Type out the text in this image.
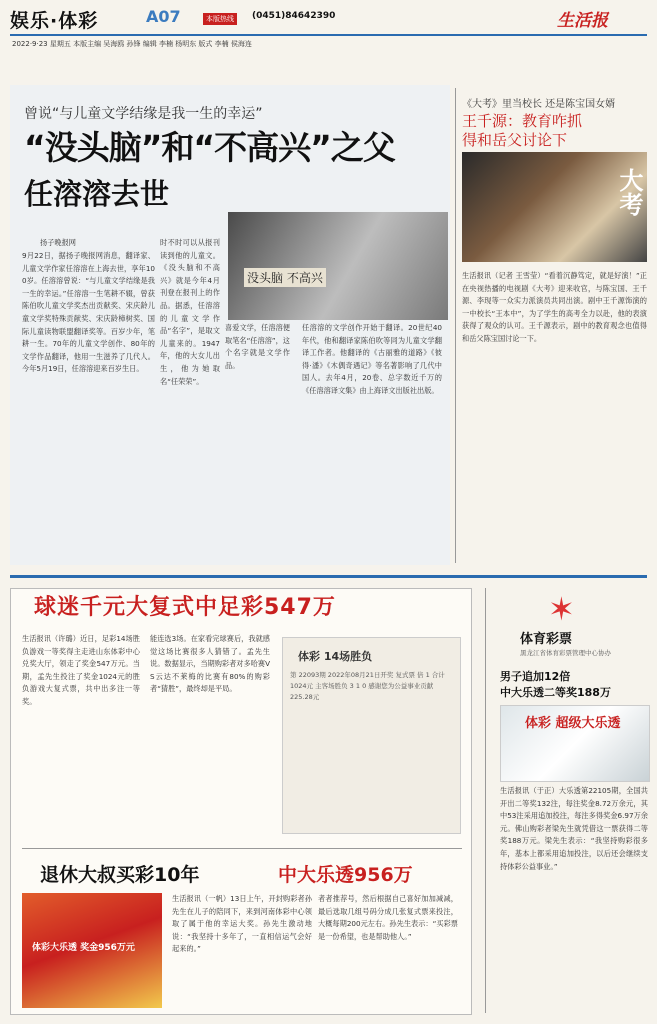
娱乐·体彩	A07	本版热线	(0451)84642390	生活报
2022·9·23 星期五 本版主编 吴海鸥 孙锋 编辑 李楠 杨明东 版式 李楠 侯海连
曾说“与儿童文学结缘是我一生的幸运”
“没头脑”和“不高兴”之父
任溶溶去世
没头脑 不高兴
扬子晚报网
9月22日，据扬子晚报网消息，翻译家、儿童文学作家任溶溶在上海去世，享年100岁。任溶溶曾说：“与儿童文学结缘是我一生的幸运。”任溶溶一生笔耕不辍，曾获陈伯吹儿童文学奖杰出贡献奖、宋庆龄儿童文学奖特殊贡献奖、宋庆龄樟树奖、国际儿童读物联盟翻译奖等。百岁少年，笔耕一生。70年的儿童文学创作、80年的文学作品翻译，他用一生滋养了几代人。今年5月19日，任溶溶迎来百岁生日。
时不时可以从报刊读到他的儿童文。《没头脑和不高兴》就是今年4月刊登在报刊上的作品。据悉，任溶溶的儿童文学作品“名字”，是取文儿童来的。1947年，他的大女儿出生，他为她取名“任荣荣”。
喜爱文学，任溶溶便取笔名“任溶溶”，这个名字就是文学作品。
任溶溶的文学创作开始于翻译。20世纪40年代，他和翻译家陈伯吹等同为儿童文学翻译工作者。他翻译的《古丽雅的道路》《彼得·潘》《木偶奇遇记》等名著影响了几代中国人。去年4月，20卷、总字数近千万的《任溶溶译文集》由上海译文出版社出版。
《大考》里当校长 还是陈宝国女婿
王千源：教育咋抓
得和岳父讨论下
大考
生活报讯（记者 王雪莹）“看着沉静笃定，就是好演！”正在央视热播的电视剧《大考》迎来收官，与陈宝国、王千源、李现等一众实力派演员共同出演。剧中王千源饰演的一中校长“王本中”，为了学生的高考全力以赴，他的表演获得了观众的认可。王千源表示，剧中的教育观念也值得和岳父陈宝国讨论一下。
球迷千元大复式中足彩547万
生活报讯（许璐）近日，足彩14场胜负游戏一等奖得主走进山东体彩中心兑奖大厅，领走了奖金547万元。当期，孟先生投注了奖金1024元的胜负游戏大复式票，共中出多注一等奖。
能连选3场。在家看完球赛后，我就感觉这场比赛很多人猜错了。孟先生说。数据显示，当期购彩者对多哈赛VS云达不莱梅的比赛有80%的购彩者“猜胜”，最终却是平局。
体彩 14场胜负
第 22093期 2022年08月21日开奖 复式票 倍 1 合计1024元 主客场胜负 3 1 0 感谢您为公益事业贡献 225.28元
退休大叔买彩10年	中大乐透956万
体彩大乐透 奖金956万元
生活报讯（一帆）13日上午，开封购彩者孙先生在儿子的陪同下，来到河南体彩中心领取了属于他的幸运大奖。孙先生激动地说：“我坚持十多年了，一直相信运气会好起来的。”
者者推荐号，然后根据自己喜好加加减减，最后选取几组号码分成几张复式票来投注，大概每期200元左右。孙先生表示：“买彩票是一份希望，也是帮助他人。”
✶
体育彩票
黑龙江省体育彩票管理中心协办
男子追加12倍
中大乐透二等奖188万
体彩 超级大乐透
生活报讯（于正）大乐透第22105期，全国共开出二等奖132注，每注奖金8.72万余元，其中53注采用追加投注，每注多得奖金6.97万余元。佛山购彩者梁先生就凭借这一票获得二等奖188万元。梁先生表示：“我坚持购彩很多年，基本上都采用追加投注，以后还会继续支持体彩公益事业。”
